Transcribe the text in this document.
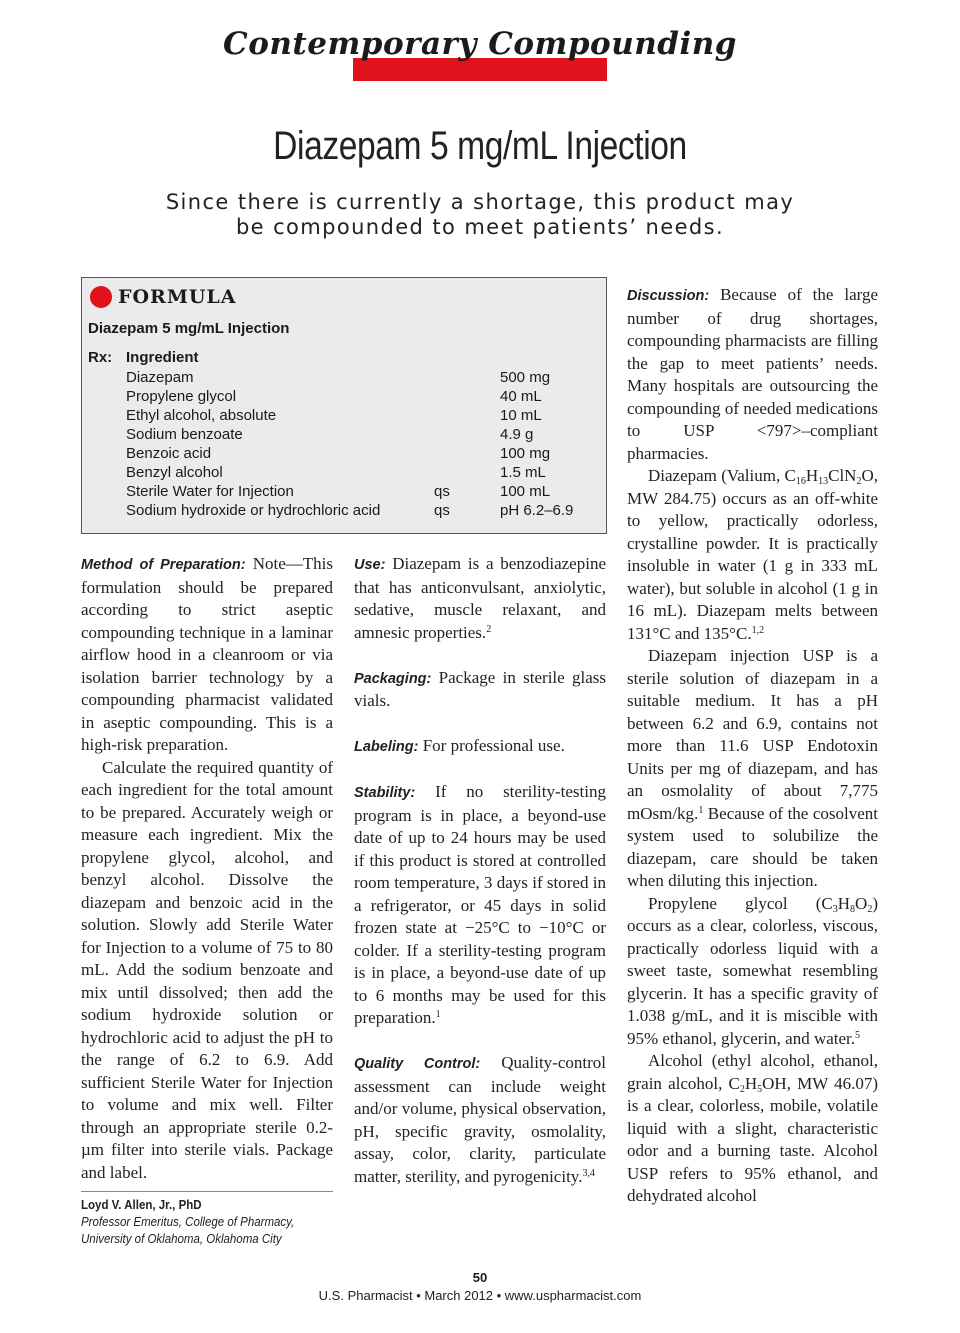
Contemporary Compounding
Diazepam 5 mg/mL Injection
Since there is currently a shortage, this product may be compounded to meet patients’ needs.
FORMULA
Diazepam 5 mg/mL Injection
Rx: Ingredient
Diazepam	500 mg
Propylene glycol	40 mL
Ethyl alcohol, absolute	10 mL
Sodium benzoate	4.9 g
Benzoic acid	100 mg
Benzyl alcohol	1.5 mL
Sterile Water for Injection	qs	100 mL
Sodium hydroxide or hydrochloric acid	qs	pH 6.2–6.9

Method of Preparation: Note—This formulation should be prepared according to strict aseptic compounding technique in a laminar airflow hood in a cleanroom or via isolation barrier technology by a compounding pharmacist validated in aseptic compounding. This is a high-risk preparation.

Calculate the required quantity of each ingredient for the total amount to be prepared. Accurately weigh or measure each ingredient. Mix the propylene glycol, alcohol, and benzyl alcohol. Dissolve the diazepam and benzoic acid in the solution. Slowly add Sterile Water for Injection to a volume of 75 to 80 mL. Add the sodium benzoate and mix until dissolved; then add the sodium hydroxide solution or hydrochloric acid to adjust the pH to the range of 6.2 to 6.9. Add sufficient Sterile Water for Injection to volume and mix well. Filter through an appropriate sterile 0.2-µm filter into sterile vials. Package and label.

Loyd V. Allen, Jr., PhD
Professor Emeritus, College of Pharmacy,
University of Oklahoma, Oklahoma City

Use: Diazepam is a benzodiazepine that has anticonvulsant, anxiolytic, sedative, muscle relaxant, and amnesic properties.$^2$

Packaging: Package in sterile glass vials.

Labeling: For professional use.

Stability: If no sterility-testing program is in place, a beyond-use date of up to 24 hours may be used if this product is stored at controlled room temperature, 3 days if stored in a refrigerator, or 45 days in solid frozen state at −25°C to −10°C or colder. If a sterility-testing program is in place, a beyond-use date of up to 6 months may be used for this preparation.$^1$

Quality Control: Quality-control assessment can include weight and/or volume, physical observation, pH, specific gravity, osmolality, assay, color, clarity, particulate matter, sterility, and pyrogenicity.$^{3,4}$

Discussion: Because of the large number of drug shortages, compounding pharmacists are filling the gap to meet patients’ needs. Many hospitals are outsourcing the compounding of needed medications to USP <797>–compliant pharmacies.

Diazepam (Valium, $C_{16}H_{13}ClN_2O$, MW 284.75) occurs as an off-white to yellow, practically odorless, crystalline powder. It is practically insoluble in water (1 g in 333 mL water), but soluble in alcohol (1 g in 16 mL). Diazepam melts between 131°C and 135°C.$^{1,2}$

Diazepam injection USP is a sterile solution of diazepam in a suitable medium. It has a pH between 6.2 and 6.9, contains not more than 11.6 USP Endotoxin Units per mg of diazepam, and has an osmolality of about 7,775 mOsm/kg.$^1$ Because of the cosolvent system used to solubilize the diazepam, care should be taken when diluting this injection.

Propylene glycol $(C_3H_8O_2)$ occurs as a clear, colorless, viscous, practically odorless liquid with a sweet taste, somewhat resembling glycerin. It has a specific gravity of 1.038 g/mL, and it is miscible with 95% ethanol, glycerin, and water.$^5$

Alcohol (ethyl alcohol, ethanol, grain alcohol, $C_2H_5OH$, MW 46.07) is a clear, colorless, mobile, volatile liquid with a slight, characteristic odor and a burning taste. Alcohol USP refers to 95% ethanol, and dehydrated alcohol

50
U.S. Pharmacist • March 2012 • www.uspharmacist.com
